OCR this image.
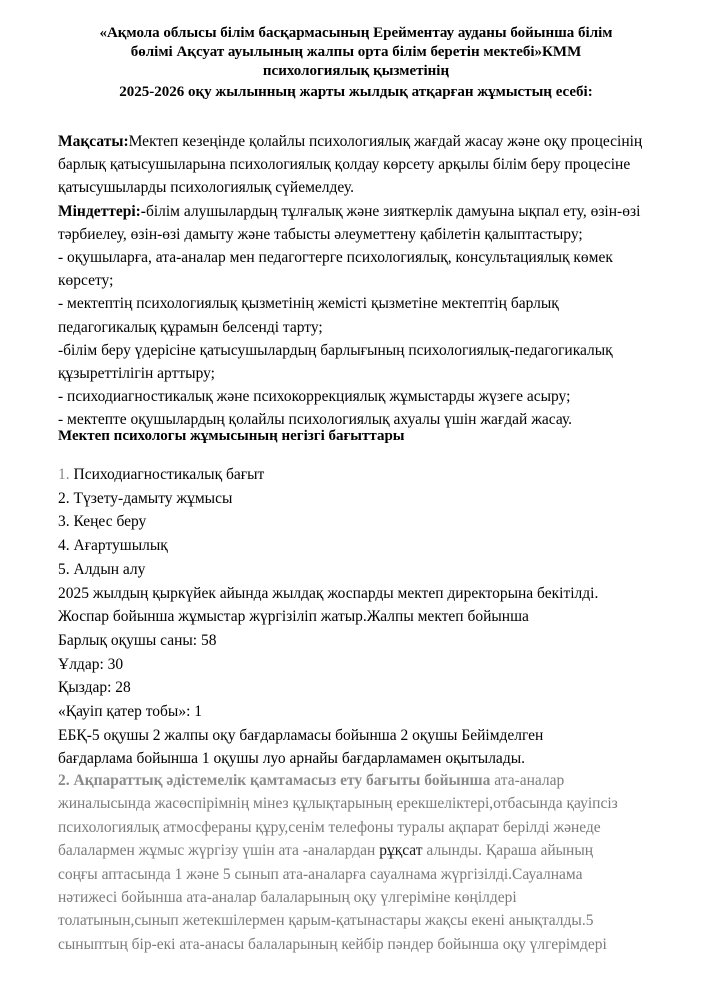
«Ақмола облысы білім басқармасының Ерейментау ауданы бойынша білім
бөлімі Ақсуат ауылының жалпы орта білім беретін мектебі»КММ
психологиялық қызметінің
2025-2026 оқу жылынның жарты жылдық атқарған жұмыстың есебі:

Мақсаты:Мектеп кезеңінде қолайлы психологиялық жағдай жасау және оқу процесінің

барлық қатысушыларына психологиялық қолдау көрсету арқылы білім беру процесіне

қатысушыларды психологиялық сүйемелдеу.

Міндеттері:-білім алушылардың тұлғалық және зияткерлік дамуына ықпал ету, өзін-өзі

тәрбиелеу, өзін-өзі дамыту және табысты әлеуметтену қабілетін қалыптастыру;

- оқушыларға, ата-аналар мен педагогтерге психологиялық, консультациялық көмек

көрсету;

- мектептің психологиялық қызметінің жемісті қызметіне мектептің барлық

педагогикалық құрамын белсенді тарту;

-білім беру үдерісіне қатысушылардың барлығының психологиялық-педагогикалық

құзыреттілігін арттыру;

- психодиагностикалық және психокоррекциялық жұмыстарды жүзеге асыру;

- мектепте оқушылардың қолайлы психологиялық ахуалы үшін жағдай жасау.

Мектеп психологы жұмысының негізгі бағыттары

1. Психодиагностикалық бағыт

2. Түзету-дамыту жұмысы

3. Кеңес беру

4. Ағартушылық

5. Алдын алу

2025 жылдың қыркүйек айында жылдақ жоспарды мектеп директорына бекітілді.

Жоспар бойынша жұмыстар жүргізіліп жатыр.Жалпы мектеп бойынша

Барлық оқушы саны: 58

Ұлдар: 30

Қыздар: 28

«Қауіп қатер тобы»: 1

ЕБҚ-5 оқушы 2 жалпы оқу бағдарламасы бойынша 2 оқушы Бейімделген

бағдарлама бойынша 1 оқушы луо арнайы бағдарламамен оқытылады.

2. Ақпараттық әдістемелік қамтамасыз ету бағыты бойынша ата-аналар

жиналысында жасөспірімнің мінез құлықтарының ерекшеліктері,отбасында қауіпсіз

психологиялық атмосфераны құру,сенім телефоны туралы ақпарат берілді жәнеде

балалармен жұмыс жүргізу үшін ата -аналардан рұқсат алынды. Қараша айының

соңғы аптасында 1 және 5 сынып ата-аналарға сауалнама жүргізілді.Сауалнама

нәтижесі бойынша ата-аналар балаларының оқу үлгеріміне көңілдері

толатынын,сынып жетекшілермен қарым-қатынастары жақсы екені анықталды.5

сыныптың бір-екі ата-анасы балаларының кейбір пәндер бойынша оқу үлгерімдері
